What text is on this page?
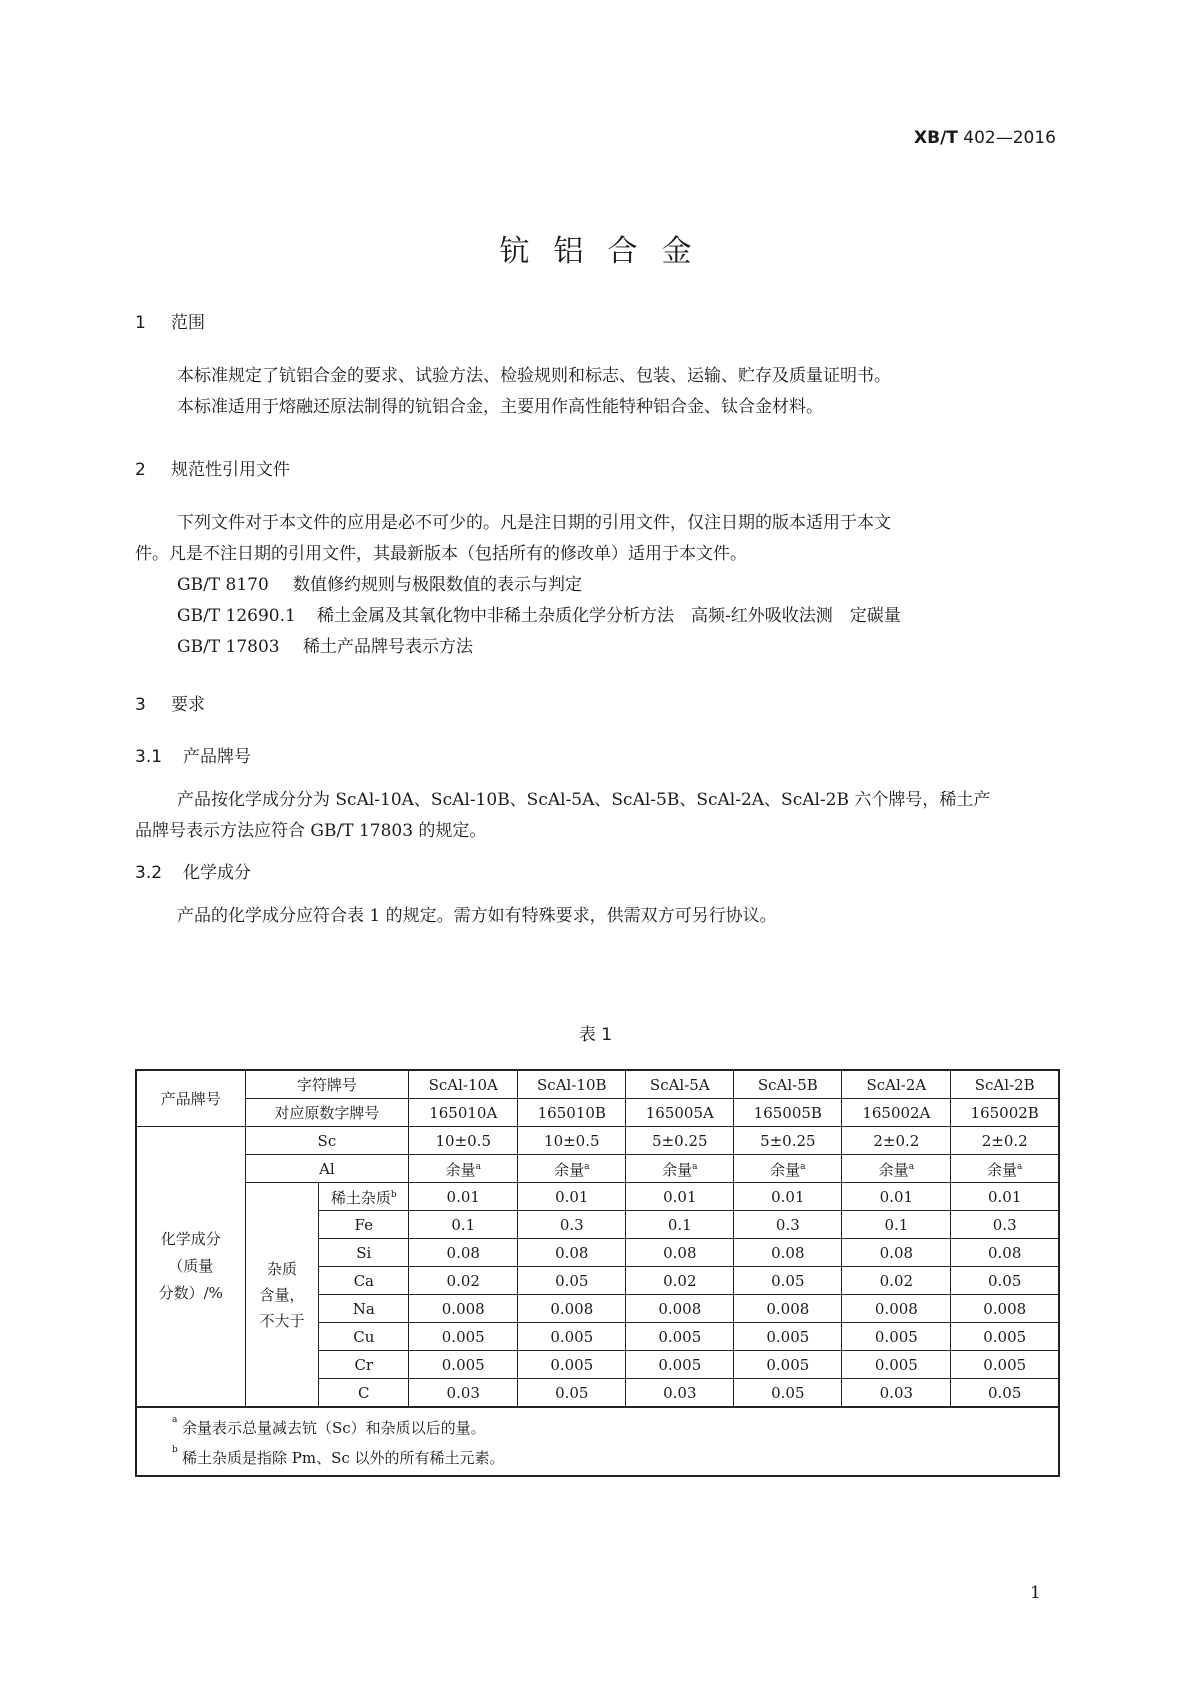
XB/T 402—2016
钪铝合金
1 范围
本标准规定了钪铝合金的要求、试验方法、检验规则和标志、包装、运输、贮存及质量证明书。
本标准适用于熔融还原法制得的钪铝合金，主要用作高性能特种铝合金、钛合金材料。
2 规范性引用文件
下列文件对于本文件的应用是必不可少的。凡是注日期的引用文件，仅注日期的版本适用于本文
件。凡是不注日期的引用文件，其最新版本（包括所有的修改单）适用于本文件。
GB/T 8170 数值修约规则与极限数值的表示与判定
GB/T 12690.1 稀土金属及其氧化物中非稀土杂质化学分析方法　高频-红外吸收法测　定碳量
GB/T 17803 稀土产品牌号表示方法
3 要求
3.1 产品牌号
产品按化学成分分为 ScAl-10A、ScAl-10B、ScAl-5A、ScAl-5B、ScAl-2A、ScAl-2B 六个牌号，稀土产
品牌号表示方法应符合 GB/T 17803 的规定。
3.2 化学成分
产品的化学成分应符合表 1 的规定。需方如有特殊要求，供需双方可另行协议。
表 1
产品牌号	字符牌号		ScAl-10A	ScAl-10B	ScAl-5A	ScAl-5B	ScAl-2A	ScAl-2B
	对应原数字牌号		165010A	165010B	165005A	165005B	165002A	165002B

化学成分
（质量
分数）/%	Sc		10±0.5	10±0.5	5±0.25	5±0.25	2±0.2	2±0.2
	Al		余量$^a$	余量$^a$	余量$^a$	余量$^a$	余量$^a$	余量$^a$

	杂质
含量，
不大于	稀土杂质$^b$	0.01	0.01	0.01	0.01	0.01	0.01
		Fe	0.1	0.3	0.1	0.3	0.1	0.3
		Si	0.08	0.08	0.08	0.08	0.08	0.08
		Ca	0.02	0.05	0.02	0.05	0.02	0.05
		Na	0.008	0.008	0.008	0.008	0.008	0.008
		Cu	0.005	0.005	0.005	0.005	0.005	0.005
		Cr	0.005	0.005	0.005	0.005	0.005	0.005
		C	0.03	0.05	0.03	0.05	0.03	0.05
a 余量表示总量减去钪（Sc）和杂质以后的量。
b 稀土杂质是指除 Pm、Sc 以外的所有稀土元素。
1
